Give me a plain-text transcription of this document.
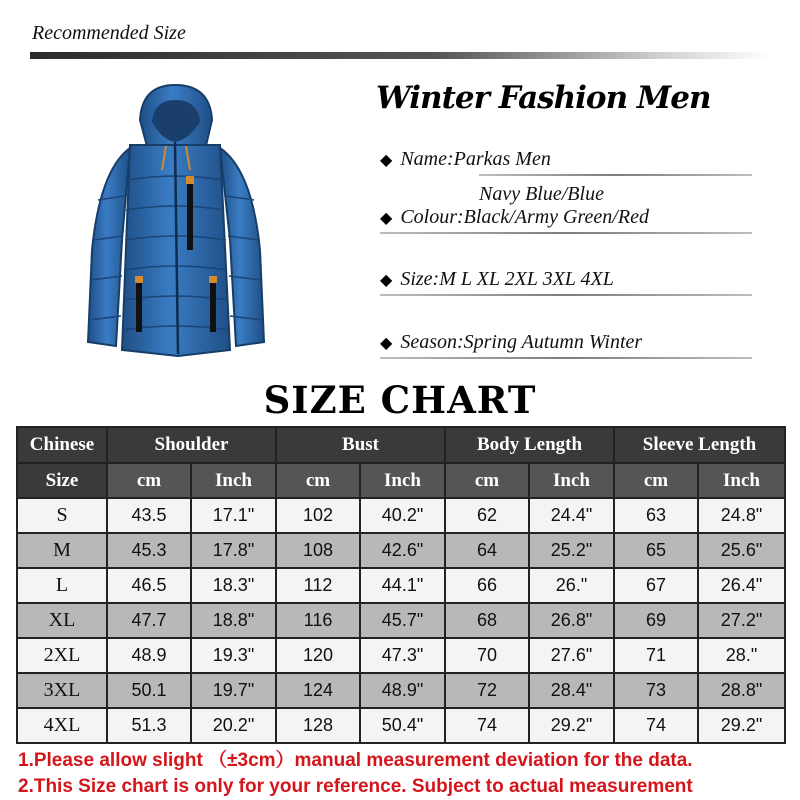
Recommended Size
Winter Fashion Men
◆ Name:Parkas Men
Navy Blue/Blue
◆ Colour:Black/Army Green/Red
◆ Size:M L XL 2XL 3XL 4XL
◆ Season:Spring Autumn Winter
SIZE CHART
Chinese	Shoulder		Bust		Body Length		Sleeve Length	
Size	cm	Inch	cm	Inch	cm	Inch	cm	Inch
S	43.5	17.1"	102	40.2"	62	24.4"	63	24.8"
M	45.3	17.8"	108	42.6"	64	25.2"	65	25.6"
L	46.5	18.3"	112	44.1"	66	26."	67	26.4"
XL	47.7	18.8"	116	45.7"	68	26.8"	69	27.2"
2XL	48.9	19.3"	120	47.3"	70	27.6"	71	28."
3XL	50.1	19.7"	124	48.9"	72	28.4"	73	28.8"
4XL	51.3	20.2"	128	50.4"	74	29.2"	74	29.2"
1.Please allow slight （±3cm）manual measurement deviation for the data.
2.This Size chart is only for your reference. Subject to actual measurement
